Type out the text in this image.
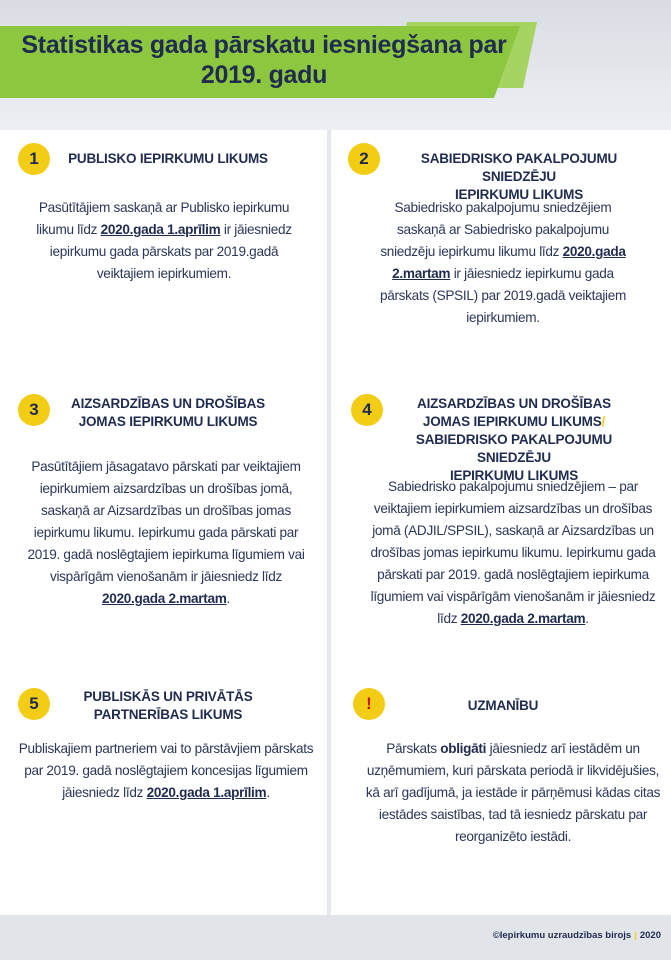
Statistikas gada pārskatu iesniegšana par
2019. gadu
1	PUBLISKO IEPIRKUMU LIKUMS
Pasūtītājiem saskaņā ar Publisko iepirkumu likumu līdz 2020.gada 1.aprīlim ir jāiesniedz iepirkumu gada pārskats par 2019.gadā veiktajiem iepirkumiem.
2	SABIEDRISKO PAKALPOJUMU SNIEDZĒJU
IEPIRKUMU LIKUMS
Sabiedrisko pakalpojumu sniedzējiem saskaņā ar Sabiedrisko pakalpojumu sniedzēju iepirkumu likumu līdz 2020.gada 2.martam ir jāiesniedz iepirkumu gada pārskats (SPSIL) par 2019.gadā veiktajiem iepirkumiem.
3	AIZSARDZĪBAS UN DROŠĪBAS
JOMAS IEPIRKUMU LIKUMS
Pasūtītājiem jāsagatavo pārskati par veiktajiem iepirkumiem aizsardzības un drošības jomā, saskaņā ar Aizsardzības un drošības jomas iepirkumu likumu. Iepirkumu gada pārskati par 2019. gadā noslēgtajiem iepirkuma līgumiem vai vispārīgām vienošanām ir jāiesniedz līdz 2020.gada 2.martam.
4	AIZSARDZĪBAS UN DROŠĪBAS
JOMAS IEPIRKUMU LIKUMS/
SABIEDRISKO PAKALPOJUMU SNIEDZĒJU
IEPIRKUMU LIKUMS
Sabiedrisko pakalpojumu sniedzējiem – par veiktajiem iepirkumiem aizsardzības un drošības jomā (ADJIL/SPSIL), saskaņā ar Aizsardzības un drošības jomas iepirkumu likumu. Iepirkumu gada pārskati par 2019. gadā noslēgtajiem iepirkuma līgumiem vai vispārīgām vienošanām ir jāiesniedz līdz 2020.gada 2.martam.
5	PUBLISKĀS UN PRIVĀTĀS
PARTNERĪBAS LIKUMS
Publiskajiem partneriem vai to pārstāvjiem pārskats par 2019. gadā noslēgtajiem koncesijas līgumiem jāiesniedz līdz 2020.gada 1.aprīlim.
!	UZMANĪBU
Pārskats obligāti jāiesniedz arī iestādēm un uzņēmumiem, kuri pārskata periodā ir likvidējušies, kā arī gadījumā, ja iestāde ir pārņēmusi kādas citas iestādes saistības, tad tā iesniedz pārskatu par reorganizēto iestādi.
©Iepirkumu uzraudzības birojs | 2020
